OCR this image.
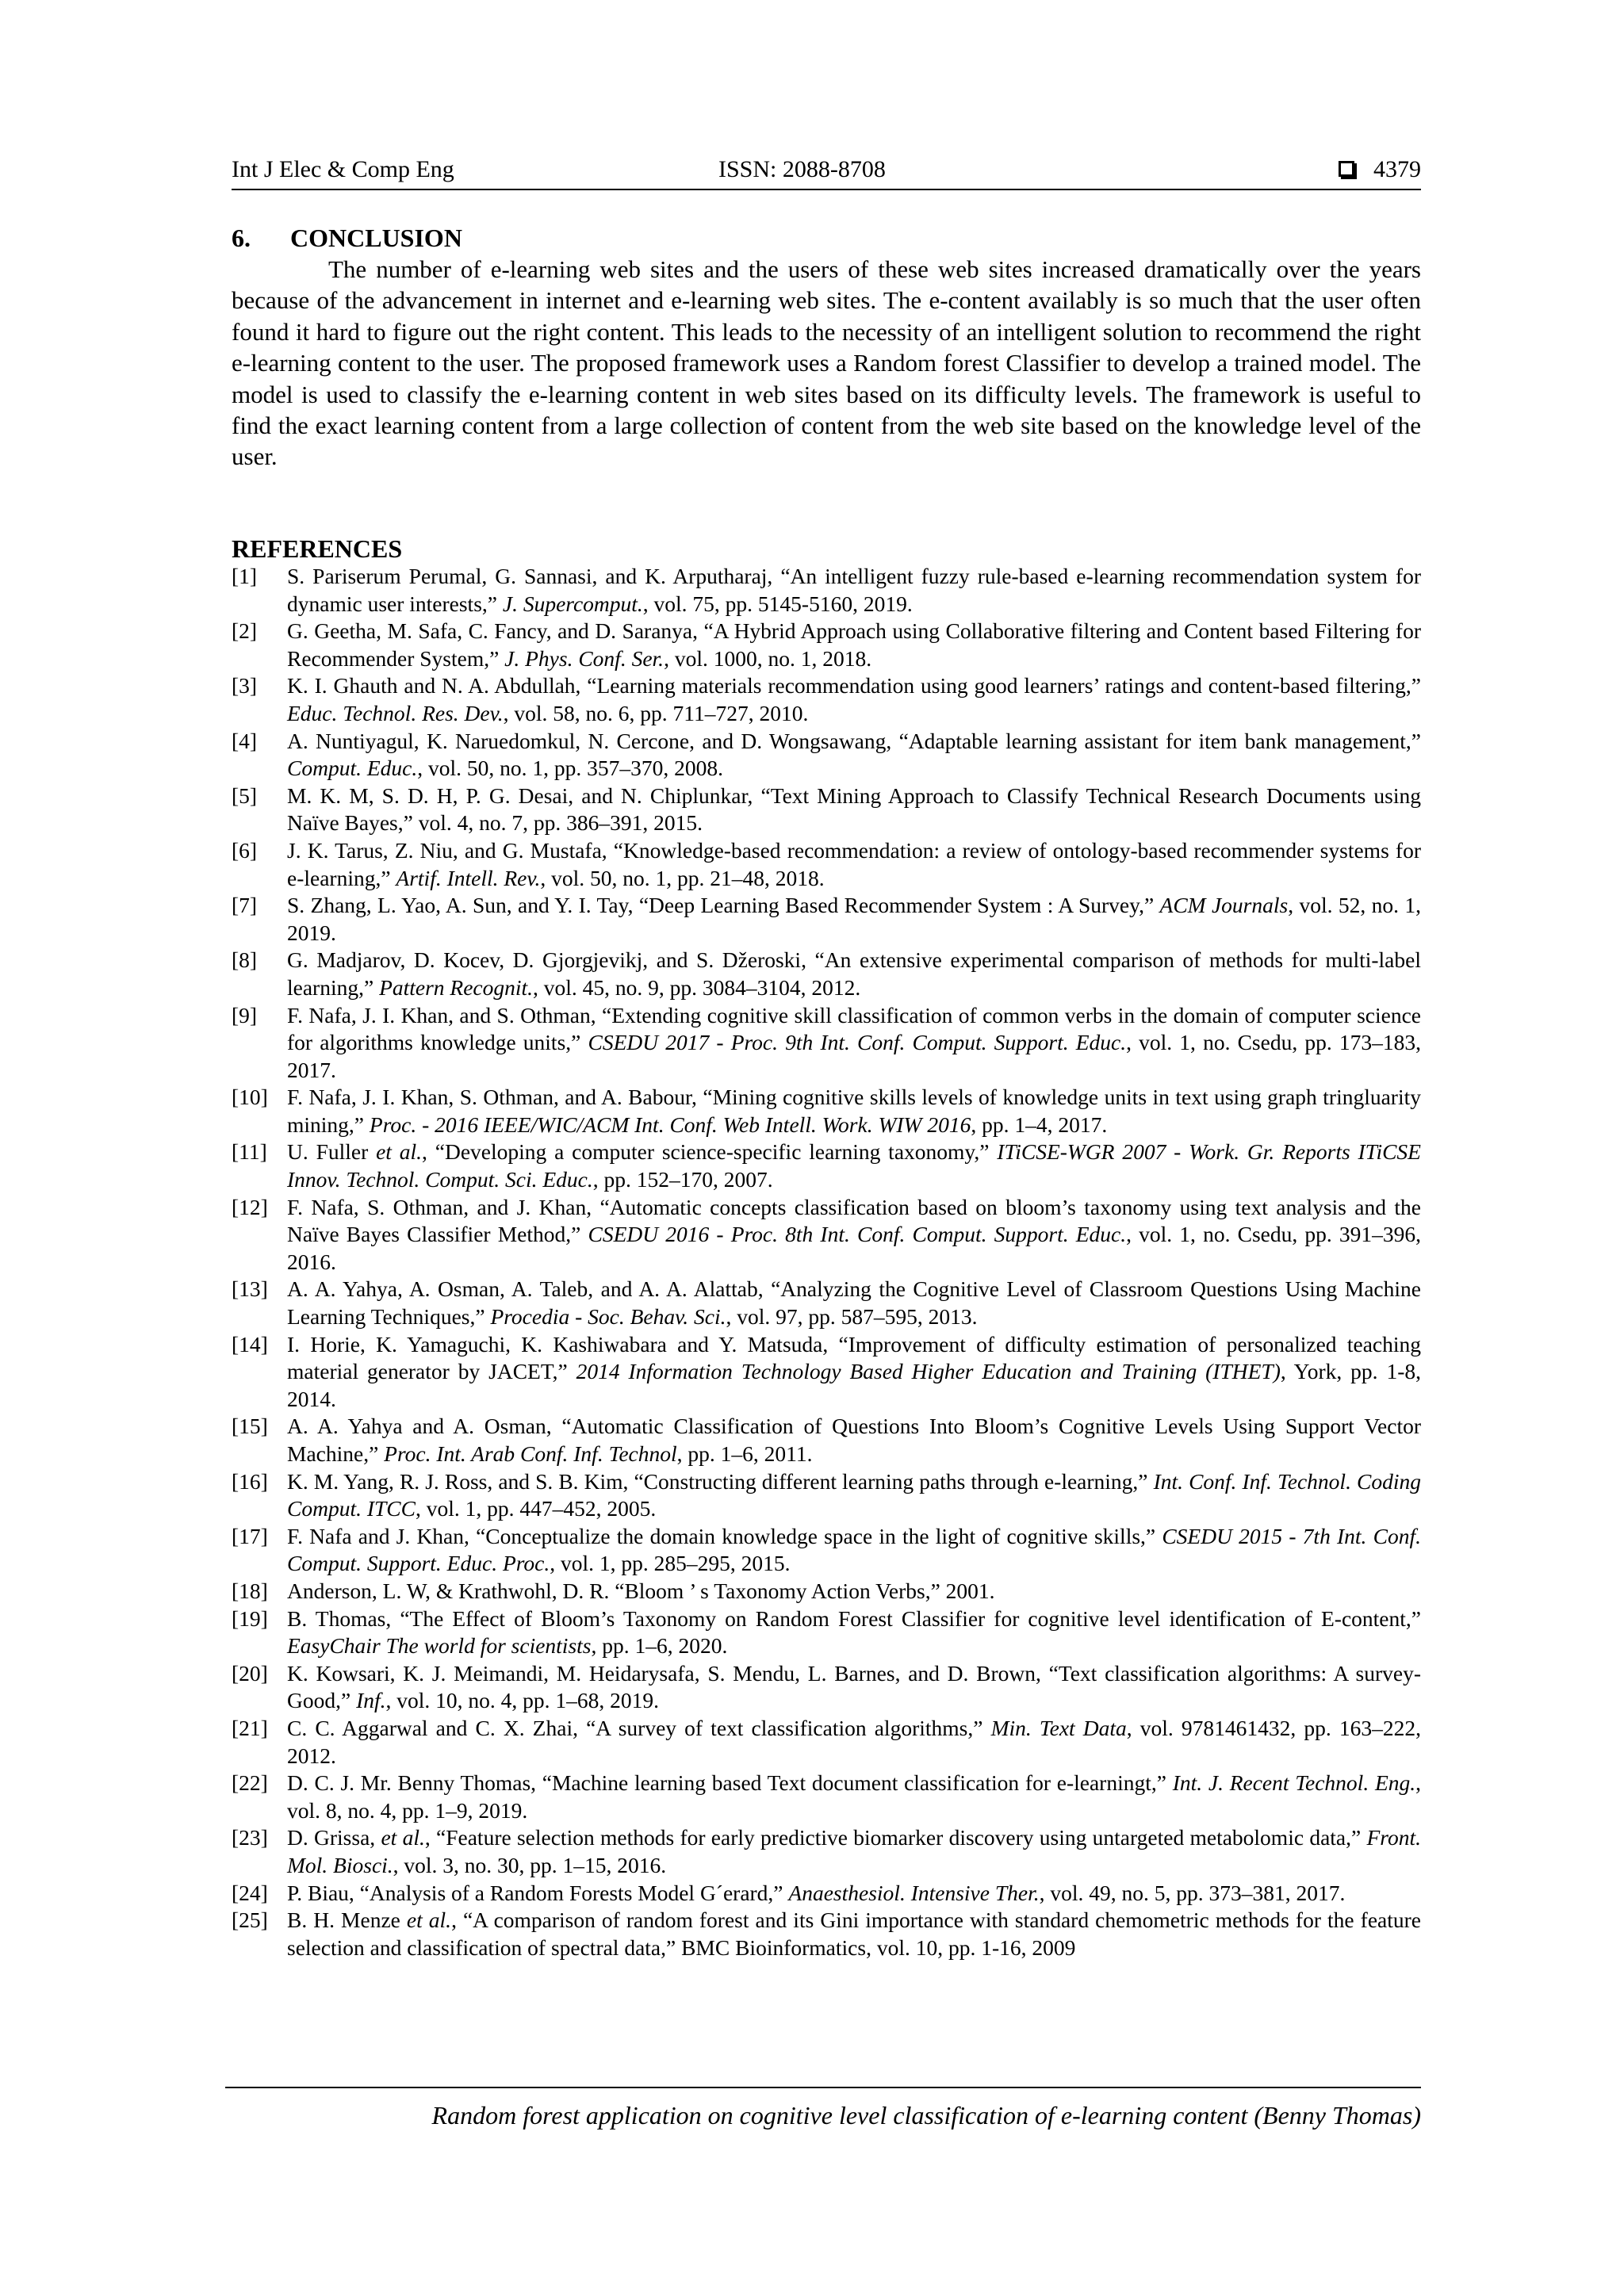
Int J Elec & Comp Eng	ISSN: 2088-8708	4379
6. CONCLUSION

The number of e-learning web sites and the users of these web sites increased dramatically over the years because of the advancement in internet and e-learning web sites. The e-content availably is so much that the user often found it hard to figure out the right content. This leads to the necessity of an intelligent solution to recommend the right e-learning content to the user. The proposed framework uses a Random forest Classifier to develop a trained model. The model is used to classify the e-learning content in web sites based on its difficulty levels. The framework is useful to find the exact learning content from a large collection of content from the web site based on the knowledge level of the user.

REFERENCES
[1] S. Pariserum Perumal, G. Sannasi, and K. Arputharaj, “An intelligent fuzzy rule-based e-learning recommendation system for dynamic user interests,” J. Supercomput., vol. 75, pp. 5145-5160, 2019.
[2] G. Geetha, M. Safa, C. Fancy, and D. Saranya, “A Hybrid Approach using Collaborative filtering and Content based Filtering for Recommender System,” J. Phys. Conf. Ser., vol. 1000, no. 1, 2018.
[3] K. I. Ghauth and N. A. Abdullah, “Learning materials recommendation using good learners’ ratings and content-based filtering,” Educ. Technol. Res. Dev., vol. 58, no. 6, pp. 711–727, 2010.
[4] A. Nuntiyagul, K. Naruedomkul, N. Cercone, and D. Wongsawang, “Adaptable learning assistant for item bank management,” Comput. Educ., vol. 50, no. 1, pp. 357–370, 2008.
[5] M. K. M, S. D. H, P. G. Desai, and N. Chiplunkar, “Text Mining Approach to Classify Technical Research Documents using Naïve Bayes,” vol. 4, no. 7, pp. 386–391, 2015.
[6] J. K. Tarus, Z. Niu, and G. Mustafa, “Knowledge-based recommendation: a review of ontology-based recommender systems for e-learning,” Artif. Intell. Rev., vol. 50, no. 1, pp. 21–48, 2018.
[7] S. Zhang, L. Yao, A. Sun, and Y. I. Tay, “Deep Learning Based Recommender System : A Survey,” ACM Journals, vol. 52, no. 1, 2019.
[8] G. Madjarov, D. Kocev, D. Gjorgjevikj, and S. Džeroski, “An extensive experimental comparison of methods for multi-label learning,” Pattern Recognit., vol. 45, no. 9, pp. 3084–3104, 2012.
[9] F. Nafa, J. I. Khan, and S. Othman, “Extending cognitive skill classification of common verbs in the domain of computer science for algorithms knowledge units,” CSEDU 2017 - Proc. 9th Int. Conf. Comput. Support. Educ., vol. 1, no. Csedu, pp. 173–183, 2017.
[10] F. Nafa, J. I. Khan, S. Othman, and A. Babour, “Mining cognitive skills levels of knowledge units in text using graph tringluarity mining,” Proc. - 2016 IEEE/WIC/ACM Int. Conf. Web Intell. Work. WIW 2016, pp. 1–4, 2017.
[11] U. Fuller et al., “Developing a computer science-specific learning taxonomy,” ITiCSE-WGR 2007 - Work. Gr. Reports ITiCSE Innov. Technol. Comput. Sci. Educ., pp. 152–170, 2007.
[12] F. Nafa, S. Othman, and J. Khan, “Automatic concepts classification based on bloom’s taxonomy using text analysis and the Naïve Bayes Classifier Method,” CSEDU 2016 - Proc. 8th Int. Conf. Comput. Support. Educ., vol. 1, no. Csedu, pp. 391–396, 2016.
[13] A. A. Yahya, A. Osman, A. Taleb, and A. A. Alattab, “Analyzing the Cognitive Level of Classroom Questions Using Machine Learning Techniques,” Procedia - Soc. Behav. Sci., vol. 97, pp. 587–595, 2013.
[14] I. Horie, K. Yamaguchi, K. Kashiwabara and Y. Matsuda, “Improvement of difficulty estimation of personalized teaching material generator by JACET,” 2014 Information Technology Based Higher Education and Training (ITHET), York, pp. 1-8, 2014.
[15] A. A. Yahya and A. Osman, “Automatic Classification of Questions Into Bloom’s Cognitive Levels Using Support Vector Machine,” Proc. Int. Arab Conf. Inf. Technol, pp. 1–6, 2011.
[16] K. M. Yang, R. J. Ross, and S. B. Kim, “Constructing different learning paths through e-learning,” Int. Conf. Inf. Technol. Coding Comput. ITCC, vol. 1, pp. 447–452, 2005.
[17] F. Nafa and J. Khan, “Conceptualize the domain knowledge space in the light of cognitive skills,” CSEDU 2015 - 7th Int. Conf. Comput. Support. Educ. Proc., vol. 1, pp. 285–295, 2015.
[18] Anderson, L. W, & Krathwohl, D. R. “Bloom ’ s Taxonomy Action Verbs,” 2001.
[19] B. Thomas, “The Effect of Bloom’s Taxonomy on Random Forest Classifier for cognitive level identification of E-content,” EasyChair The world for scientists, pp. 1–6, 2020.
[20] K. Kowsari, K. J. Meimandi, M. Heidarysafa, S. Mendu, L. Barnes, and D. Brown, “Text classification algorithms: A survey-Good,” Inf., vol. 10, no. 4, pp. 1–68, 2019.
[21] C. C. Aggarwal and C. X. Zhai, “A survey of text classification algorithms,” Min. Text Data, vol. 9781461432, pp. 163–222, 2012.
[22] D. C. J. Mr. Benny Thomas, “Machine learning based Text document classification for e-learningt,” Int. J. Recent Technol. Eng., vol. 8, no. 4, pp. 1–9, 2019.
[23] D. Grissa, et al., “Feature selection methods for early predictive biomarker discovery using untargeted metabolomic data,” Front. Mol. Biosci., vol. 3, no. 30, pp. 1–15, 2016.
[24] P. Biau, “Analysis of a Random Forests Model G´erard,” Anaesthesiol. Intensive Ther., vol. 49, no. 5, pp. 373–381, 2017.
[25] B. H. Menze et al., “A comparison of random forest and its Gini importance with standard chemometric methods for the feature selection and classification of spectral data,” BMC Bioinformatics, vol. 10, pp. 1-16, 2009
Random forest application on cognitive level classification of e-learning content (Benny Thomas)
